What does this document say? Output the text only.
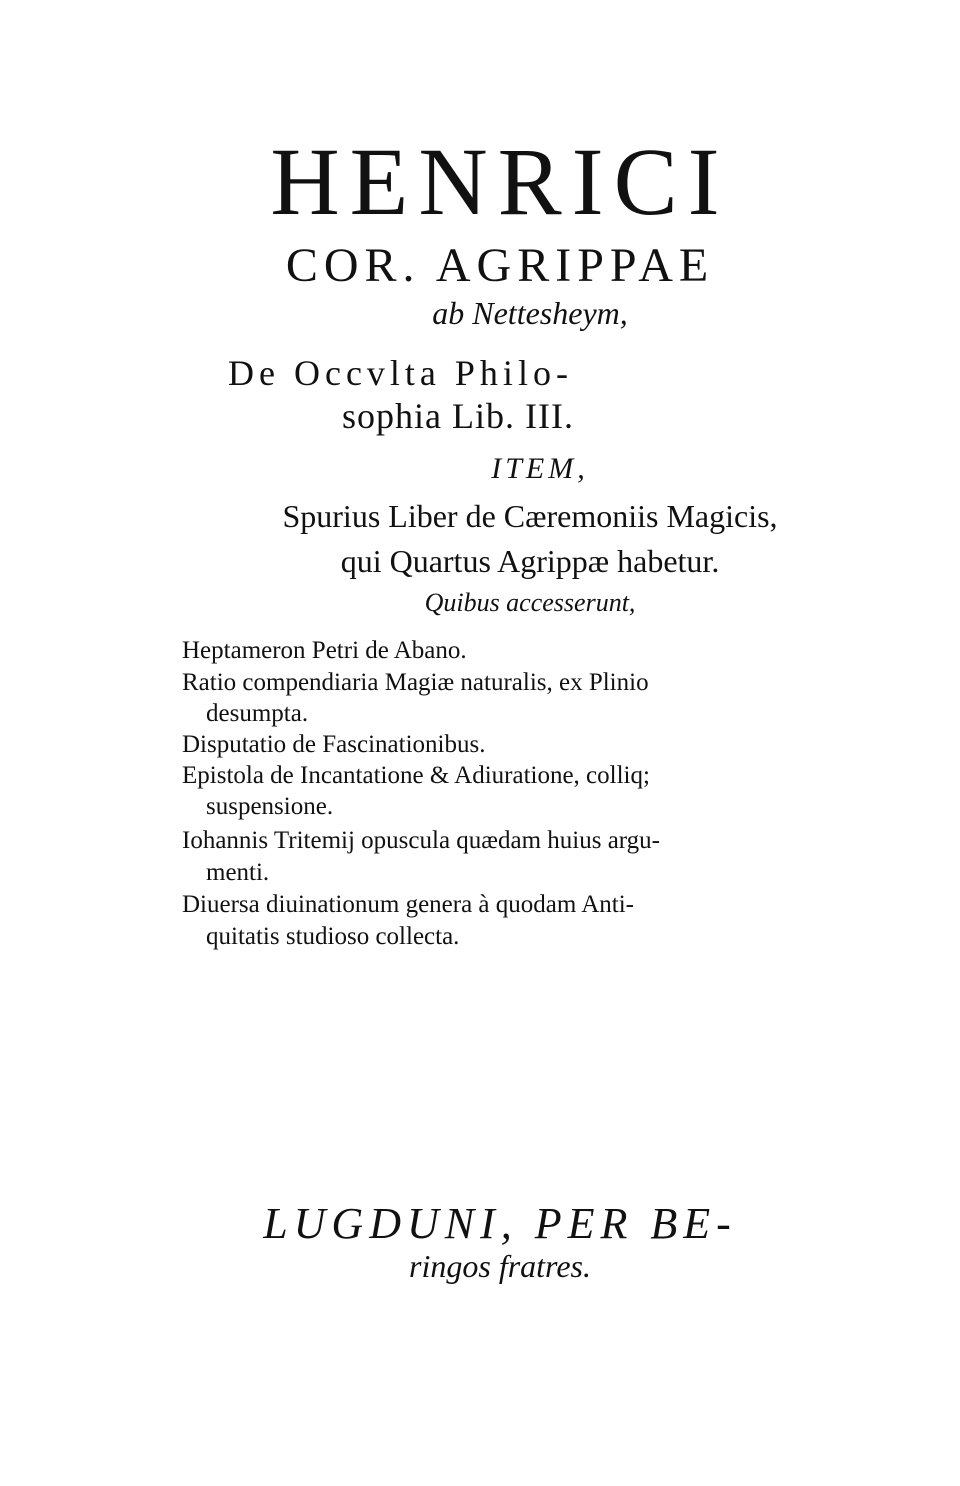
HENRICI
COR. AGRIPPAE
ab Nettesheym,
De Occvlta Philo-
sophia Lib. III.
ITEM,
Spurius Liber de Cæremoniis Magicis,
qui Quartus Agrippæ habetur.
Quibus accesserunt,
Heptameron Petri de Abano.
Ratio compendiaria Magiæ naturalis, ex Plinio
desumpta.
Disputatio de Fascinationibus.
Epistola de Incantatione & Adiuratione, colliq;
suspensione.
Iohannis Tritemij opuscula quædam huius argu-
menti.
Diuersa diuinationum genera à quodam Anti-
quitatis studioso collecta.
LUGDUNI, PER BE-
ringos fratres.
